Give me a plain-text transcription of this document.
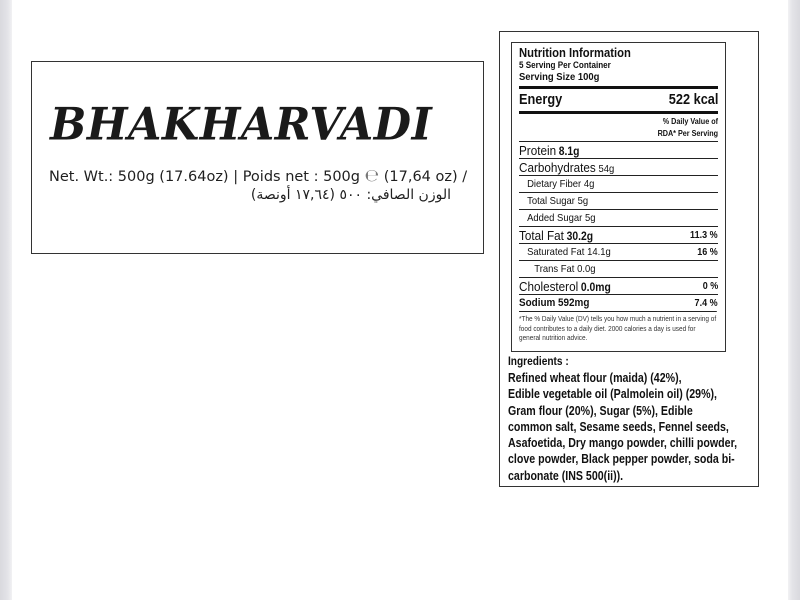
BHAKHARVADI
Net. Wt.: 500g (17.64oz) | Poids net : 500g ℮ (17,64 oz) /
الوزن الصافي: ٥٠٠ (١٧,٦٤ أونصة)
Nutrition Information
5 Serving Per Container
Serving Size 100g
Energy	522 kcal
% Daily Value of
RDA* Per Serving
Protein 8.1g
Carbohydrates 54g
Dietary Fiber 4g
Total Sugar 5g
Added Sugar 5g
Total Fat 30.2g	11.3 %
Saturated Fat 14.1g	16 %
Trans Fat 0.0g
Cholesterol 0.0mg	0 %
Sodium 592mg	7.4 %
*The % Daily Value (DV) tells you how much a nutrient in a serving of food contributes to a daily diet. 2000 calories a day is used for general nutrition advice.
Ingredients :
Refined wheat flour (maida) (42%),
Edible vegetable oil (Palmolein oil) (29%),
Gram flour (20%), Sugar (5%), Edible
common salt, Sesame seeds, Fennel seeds,
Asafoetida, Dry mango powder, chilli powder,
clove powder, Black pepper powder, soda bi-
carbonate (INS 500(ii)).
